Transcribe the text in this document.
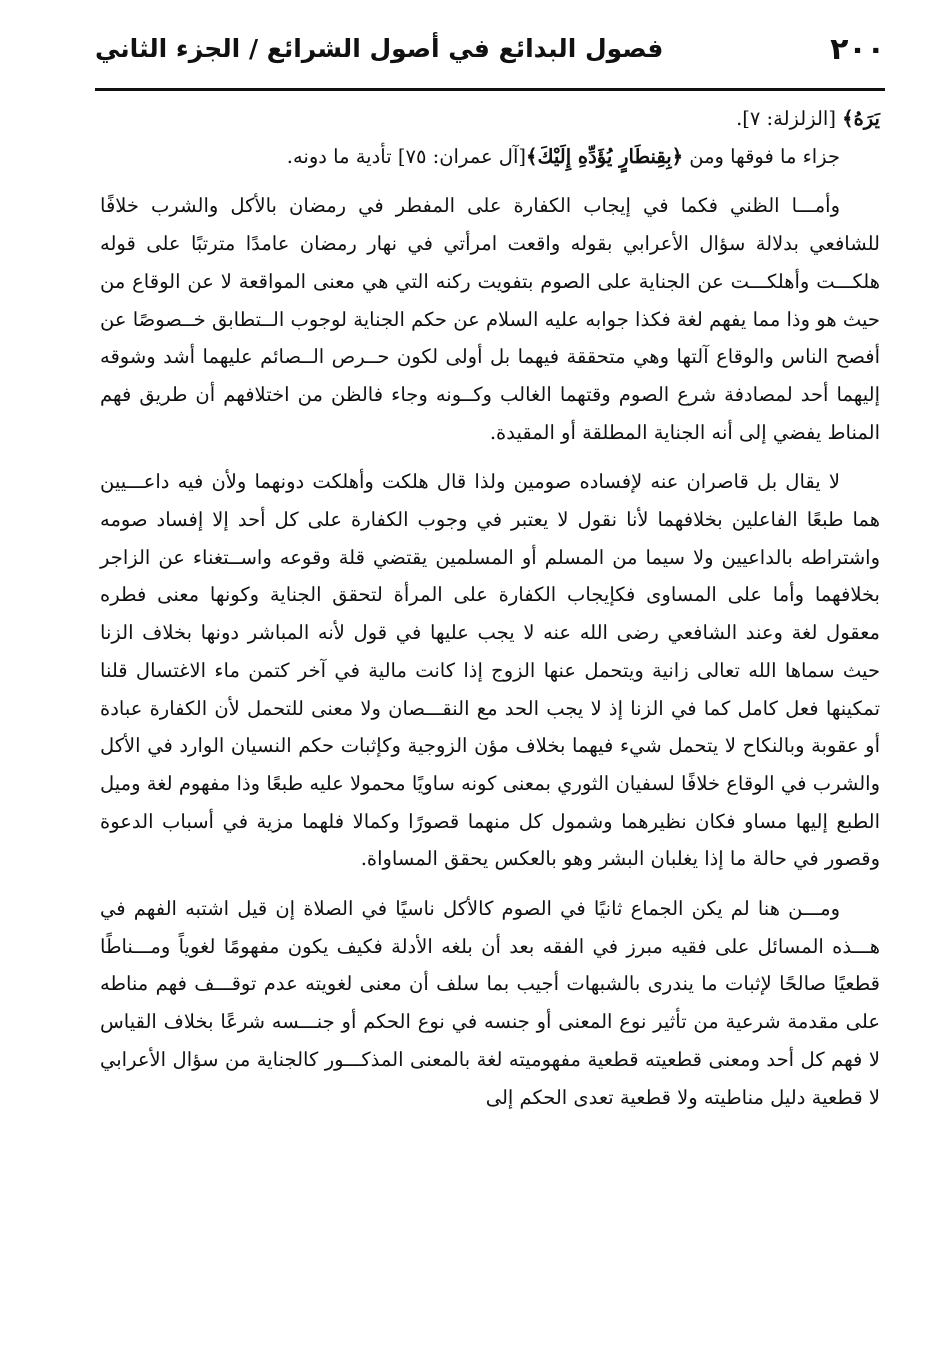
٢٠٠
فصول البدائع في أصول الشرائع / الجزء الثاني

يَرَهُ﴾ [الزلزلة: ٧].

جزاء ما فوقها ومن ﴿بِقِنطَارٍ يُؤَدِّهِ إِلَيْكَ﴾[آل عمران: ٧٥] تأدية ما دونه.

وأمـــا الظني فكما في إيجاب الكفارة على المفطر في رمضان بالأكل والشرب خلافًا للشافعي بدلالة سؤال الأعرابي بقوله واقعت امرأتي في نهار رمضان عامدًا مترتبًا على قوله هلكـــت وأهلكـــت عن الجناية على الصوم بتفويت ركنه التي هي معنى المواقعة لا عن الوقاع من حيث هو وذا مما يفهم لغة فكذا جوابه عليه السلام عن حكم الجناية لوجوب الــتطابق خــصوصًا عن أفصح الناس والوقاع آلتها وهي متحققة فيهما بل أولى لكون حــرص الــصائم عليهما أشد وشوقه إليهما أحد لمصادفة شرع الصوم وقتهما الغالب وكــونه وجاء فالظن من اختلافهم أن طريق فهم المناط يفضي إلى أنه الجناية المطلقة أو المقيدة.

لا يقال بل قاصران عنه لإفساده صومين ولذا قال هلكت وأهلكت دونهما ولأن فيه داعـــيين هما طبعًا الفاعلين بخلافهما لأنا نقول لا يعتبر في وجوب الكفارة على كل أحد إلا إفساد صومه واشتراطه بالداعيين ولا سيما من المسلم أو المسلمين يقتضي قلة وقوعه واســتغناء عن الزاجر بخلافهما وأما على المساوى فكإيجاب الكفارة على المرأة لتحقق الجناية وكونها معنى فطره معقول لغة وعند الشافعي رضى الله عنه لا يجب عليها في قول لأنه المباشر دونها بخلاف الزنا حيث سماها الله تعالى زانية ويتحمل عنها الزوج إذا كانت مالية في آخر كتمن ماء الاغتسال قلنا تمكينها فعل كامل كما في الزنا إذ لا يجب الحد مع النقـــصان ولا معنى للتحمل لأن الكفارة عبادة أو عقوبة وبالنكاح لا يتحمل شيء فيهما بخلاف مؤن الزوجية وكإثبات حكم النسيان الوارد في الأكل والشرب في الوقاع خلافًا لسفيان الثوري بمعنى كونه ساويًا محمولا عليه طبعًا وذا مفهوم لغة وميل الطبع إليها مساو فكان نظيرهما وشمول كل منهما قصورًا وكمالا فلهما مزية في أسباب الدعوة وقصور في حالة ما إذا يغلبان البشر وهو بالعكس يحقق المساواة.

ومـــن هنا لم يكن الجماع ثانيًا في الصوم كالأكل ناسيًا في الصلاة إن قيل اشتبه الفهم في هـــذه المسائل على فقيه مبرز في الفقه بعد أن بلغه الأدلة فكيف يكون مفهومًا لغوياً ومـــناطًا قطعيًا صالحًا لإثبات ما يندرى بالشبهات أجيب بما سلف أن معنى لغويته عدم توقـــف فهم مناطه على مقدمة شرعية من تأثير نوع المعنى أو جنسه في نوع الحكم أو جنـــسه شرعًا بخلاف القياس لا فهم كل أحد ومعنى قطعيته قطعية مفهوميته لغة بالمعنى المذكـــور كالجناية من سؤال الأعرابي لا قطعية دليل مناطيته ولا قطعية تعدى الحكم إلى
